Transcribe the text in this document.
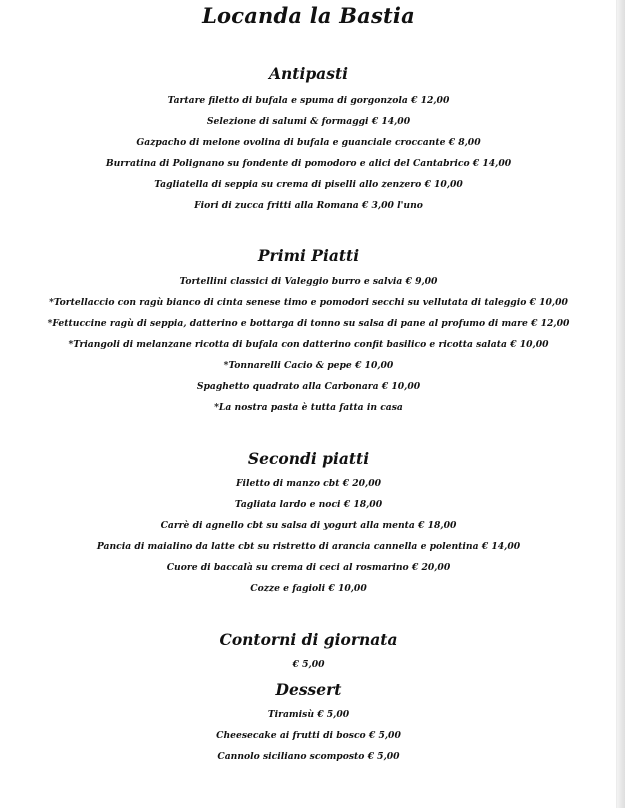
Locanda la Bastia
Antipasti
Tartare filetto di bufala e spuma di gorgonzola € 12,00
Selezione di salumi & formaggi € 14,00
Gazpacho di melone ovolina di bufala e guanciale croccante € 8,00
Burratina di Polignano su fondente di pomodoro e alici del Cantabrico € 14,00
Tagliatella di seppia su crema di piselli allo zenzero € 10,00
Fiori di zucca fritti alla Romana € 3,00 l'uno
Primi Piatti
Tortellini classici di Valeggio burro e salvia € 9,00
*Tortellaccio con ragù bianco di cinta senese timo e pomodori secchi su vellutata di taleggio € 10,00
*Fettuccine ragù di seppia, datterino e bottarga di tonno su salsa di pane al profumo di mare € 12,00
*Triangoli di melanzane ricotta di bufala con datterino confit basilico e ricotta salata € 10,00
*Tonnarelli Cacio & pepe € 10,00
Spaghetto quadrato alla Carbonara € 10,00
*La nostra pasta è tutta fatta in casa
Secondi piatti
Filetto di manzo cbt € 20,00
Tagliata lardo e noci € 18,00
Carrè di agnello cbt su salsa di yogurt alla menta € 18,00
Pancia di maialino da latte cbt su ristretto di arancia cannella e polentina € 14,00
Cuore di baccalà su crema di ceci al rosmarino € 20,00
Cozze e fagioli € 10,00
Contorni di giornata
€ 5,00
Dessert
Tiramisù € 5,00
Cheesecake ai frutti di bosco € 5,00
Cannolo siciliano scomposto € 5,00
